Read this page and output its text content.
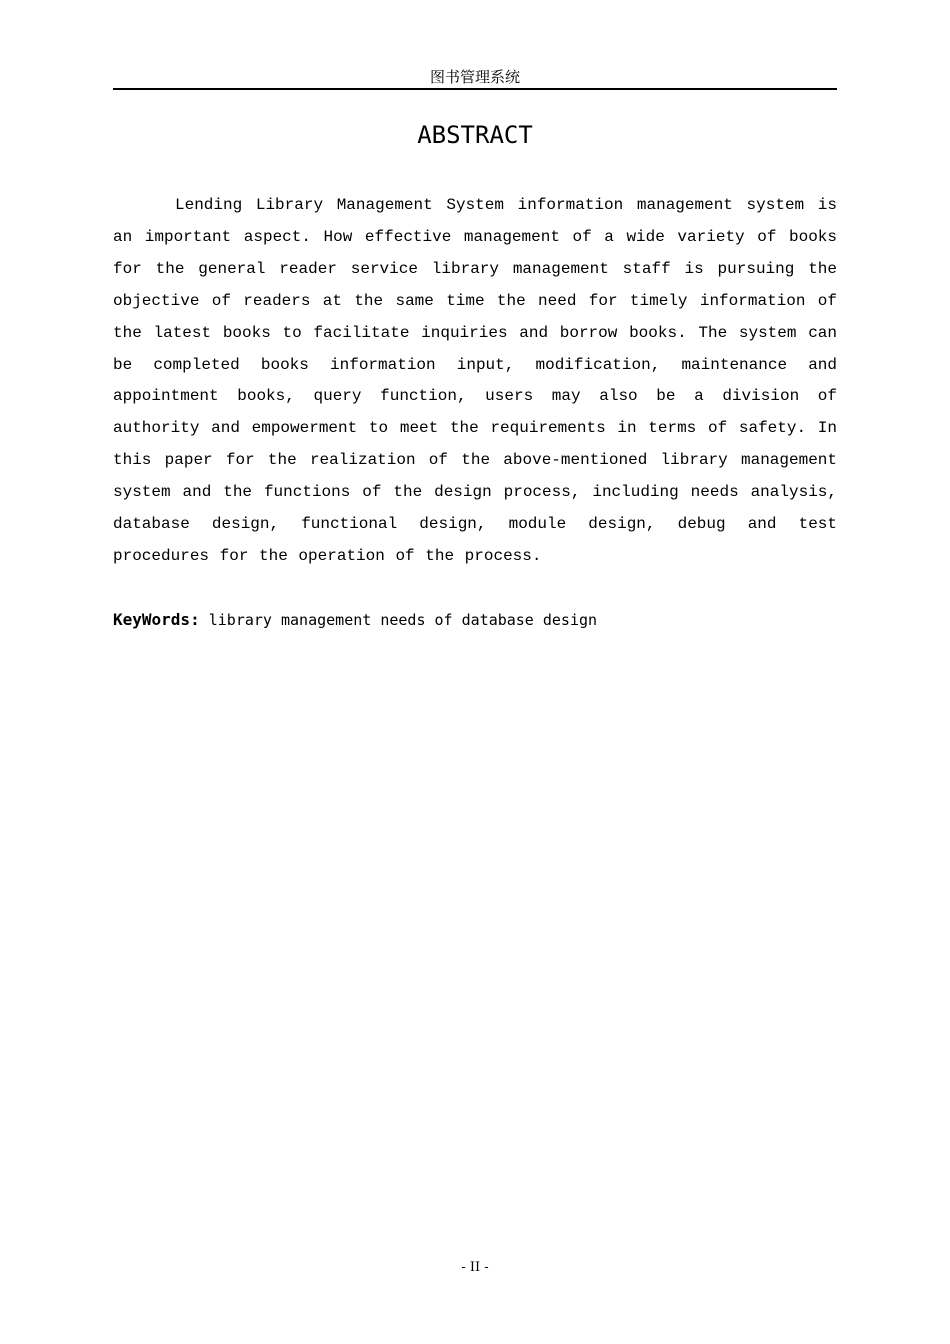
图书管理系统
ABSTRACT

Lending Library Management System information management system is an important aspect. How effective management of a wide variety of books for the general reader service library management staff is pursuing the objective of readers at the same time the need for timely information of the latest books to facilitate inquiries and borrow books. The system can be completed books information input, modification, maintenance and appointment books, query function, users may also be a division of authority and empowerment to meet the requirements in terms of safety. In this paper for the realization of the above-mentioned library management system and the functions of the design process, including needs analysis, database design, functional design, module design, debug and test procedures for the operation of the process.

KeyWords: library management needs of database design

- II -
